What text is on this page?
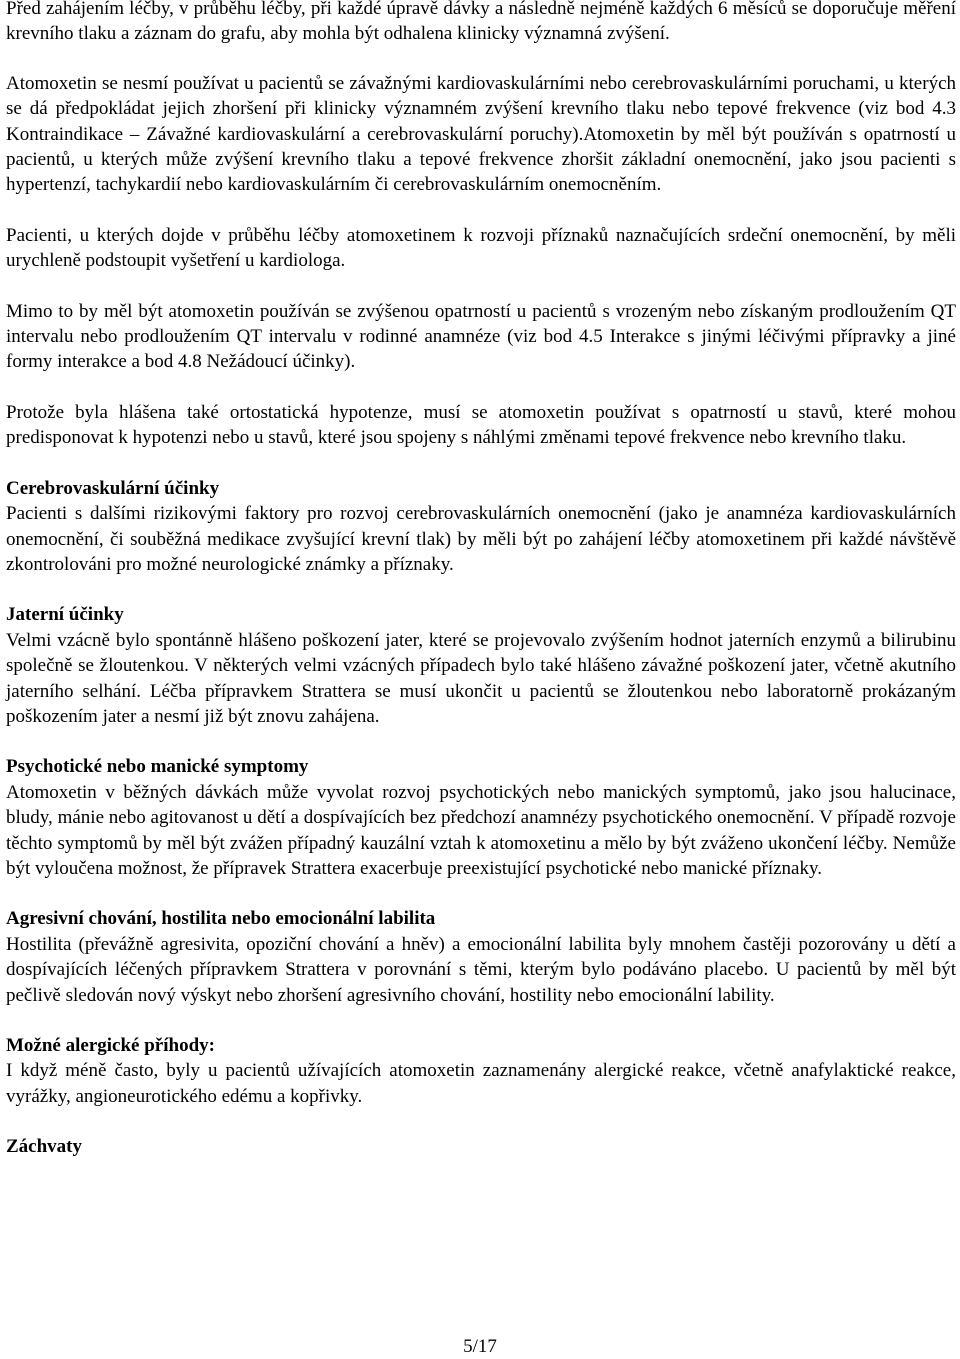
Před zahájením léčby, v průběhu léčby, při každé úpravě dávky a následně nejméně každých 6 měsíců se doporučuje měření krevního tlaku a záznam do grafu, aby mohla být odhalena klinicky významná zvýšení.

Atomoxetin se nesmí používat u pacientů se závažnými kardiovaskulárními nebo cerebrovaskulárními poruchami, u kterých se dá předpokládat jejich zhoršení při klinicky významném zvýšení krevního tlaku nebo tepové frekvence (viz bod 4.3 Kontraindikace – Závažné kardiovaskulární a cerebrovaskulární poruchy).Atomoxetin by měl být používán s opatrností u pacientů, u kterých může zvýšení krevního tlaku a tepové frekvence zhoršit základní onemocnění, jako jsou pacienti s hypertenzí, tachykardií nebo kardiovaskulárním či cerebrovaskulárním onemocněním.

Pacienti, u kterých dojde v průběhu léčby atomoxetinem k rozvoji příznaků naznačujících srdeční onemocnění, by měli urychleně podstoupit vyšetření u kardiologa.

Mimo to by měl být atomoxetin používán se zvýšenou opatrností u pacientů s vrozeným nebo získaným prodloužením QT intervalu nebo prodloužením QT intervalu v rodinné anamnéze (viz bod 4.5 Interakce s jinými léčivými přípravky a jiné formy interakce a bod 4.8 Nežádoucí účinky).

Protože byla hlášena také ortostatická hypotenze, musí se atomoxetin používat s opatrností u stavů, které mohou predisponovat k hypotenzi nebo u stavů, které jsou spojeny s náhlými změnami tepové frekvence nebo krevního tlaku.

Cerebrovaskulární účinky

Pacienti s dalšími rizikovými faktory pro rozvoj cerebrovaskulárních onemocnění (jako je anamnéza kardiovaskulárních onemocnění, či souběžná medikace zvyšující krevní tlak) by měli být po zahájení léčby atomoxetinem při každé návštěvě zkontrolováni pro možné neurologické známky a příznaky.

Jaterní účinky

Velmi vzácně bylo spontánně hlášeno poškození jater, které se projevovalo zvýšením hodnot jaterních enzymů a bilirubinu společně se žloutenkou. V některých velmi vzácných případech bylo také hlášeno závažné poškození jater, včetně akutního jaterního selhání. Léčba přípravkem Strattera se musí ukončit u pacientů se žloutenkou nebo laboratorně prokázaným poškozením jater a nesmí již být znovu zahájena.

Psychotické nebo manické symptomy

Atomoxetin v běžných dávkách může vyvolat rozvoj psychotických nebo manických symptomů, jako jsou halucinace, bludy, mánie nebo agitovanost u dětí a dospívajících bez předchozí anamnézy psychotického onemocnění. V případě rozvoje těchto symptomů by měl být zvážen případný kauzální vztah k atomoxetinu a mělo by být zváženo ukončení léčby. Nemůže být vyloučena možnost, že přípravek Strattera exacerbuje preexistující psychotické nebo manické příznaky.

Agresivní chování, hostilita nebo emocionální labilita

Hostilita (převážně agresivita, opoziční chování a hněv) a emocionální labilita byly mnohem častěji pozorovány u dětí a dospívajících léčených přípravkem Strattera v porovnání s těmi, kterým bylo podáváno placebo. U pacientů by měl být pečlivě sledován nový výskyt nebo zhoršení agresivního chování, hostility nebo emocionální lability.

Možné alergické příhody:

I když méně často, byly u pacientů užívajících atomoxetin zaznamenány alergické reakce, včetně anafylaktické reakce, vyrážky, angioneurotického edému a kopřivky.

Záchvaty
5/17
